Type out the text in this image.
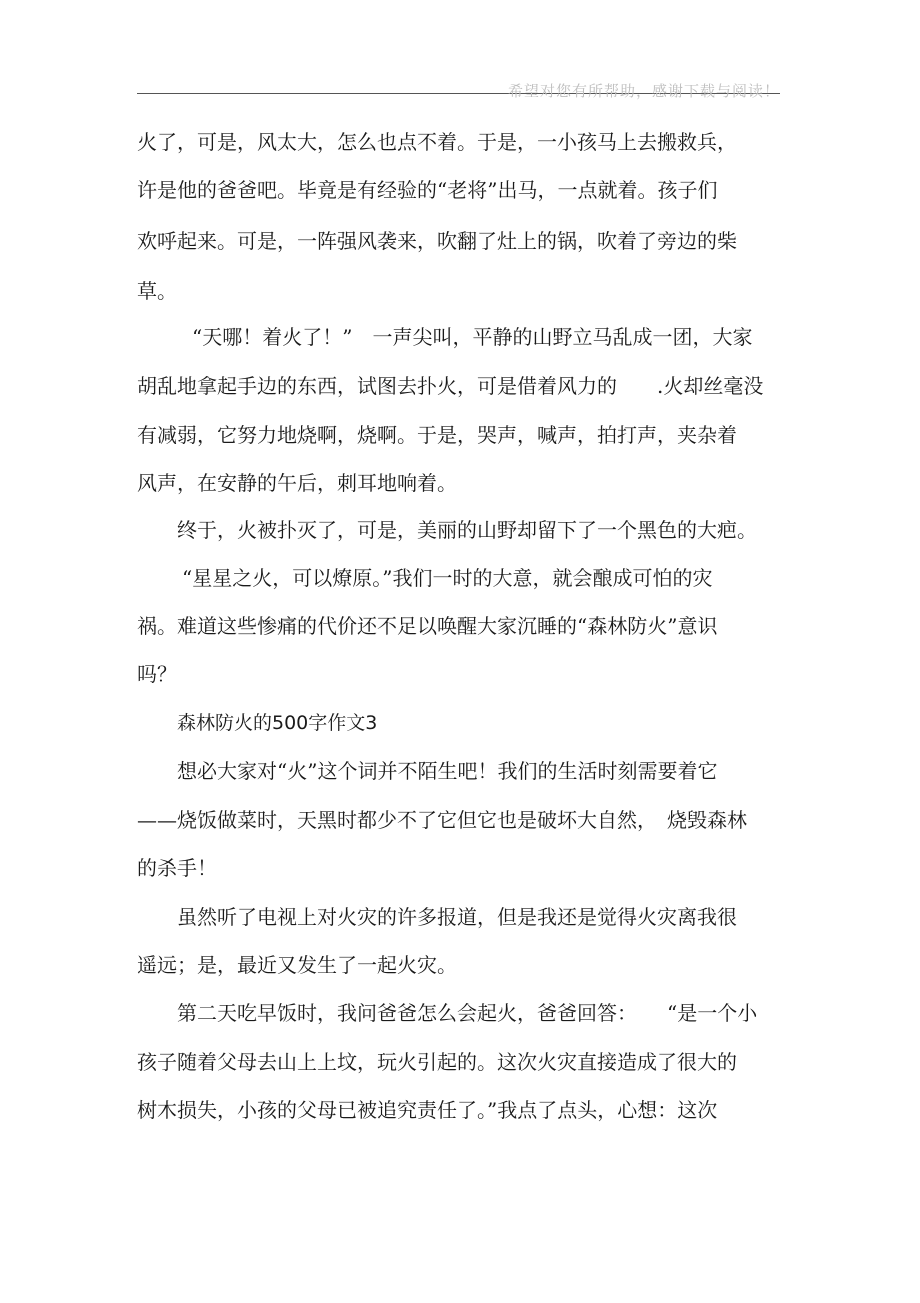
希望对您有所帮助，感谢下载与阅读！
火了，可是，风太大，怎么也点不着。于是，一小孩马上去搬救兵，
许是他的爸爸吧。毕竟是有经验的“老将”出马，一点就着。孩子们
欢呼起来。可是，一阵强风袭来，吹翻了灶上的锅，吹着了旁边的柴
草。
“天哪！着火了！”　一声尖叫，平静的山野立马乱成一团，大家
胡乱地拿起手边的东西，试图去扑火，可是借着风力的　　.火却丝毫没
有减弱，它努力地烧啊，烧啊。于是，哭声，喊声，拍打声，夹杂着
风声，在安静的午后，刺耳地响着。
终于，火被扑灭了，可是，美丽的山野却留下了一个黑色的大疤。
“星星之火，可以燎原。”我们一时的大意，就会酿成可怕的灾
祸。难道这些惨痛的代价还不足以唤醒大家沉睡的“森林防火”意识
吗？
森林防火的500字作文3
想必大家对“火”这个词并不陌生吧！我们的生活时刻需要着它
——烧饭做菜时，天黑时都少不了它但它也是破坏大自然，　烧毁森林
的杀手！
虽然听了电视上对火灾的许多报道，但是我还是觉得火灾离我很
遥远；是，最近又发生了一起火灾。
第二天吃早饭时，我问爸爸怎么会起火，爸爸回答：　　“是一个小
孩子随着父母去山上上坟，玩火引起的。这次火灾直接造成了很大的
树木损失，小孩的父母已被追究责任了。”我点了点头，心想：这次
